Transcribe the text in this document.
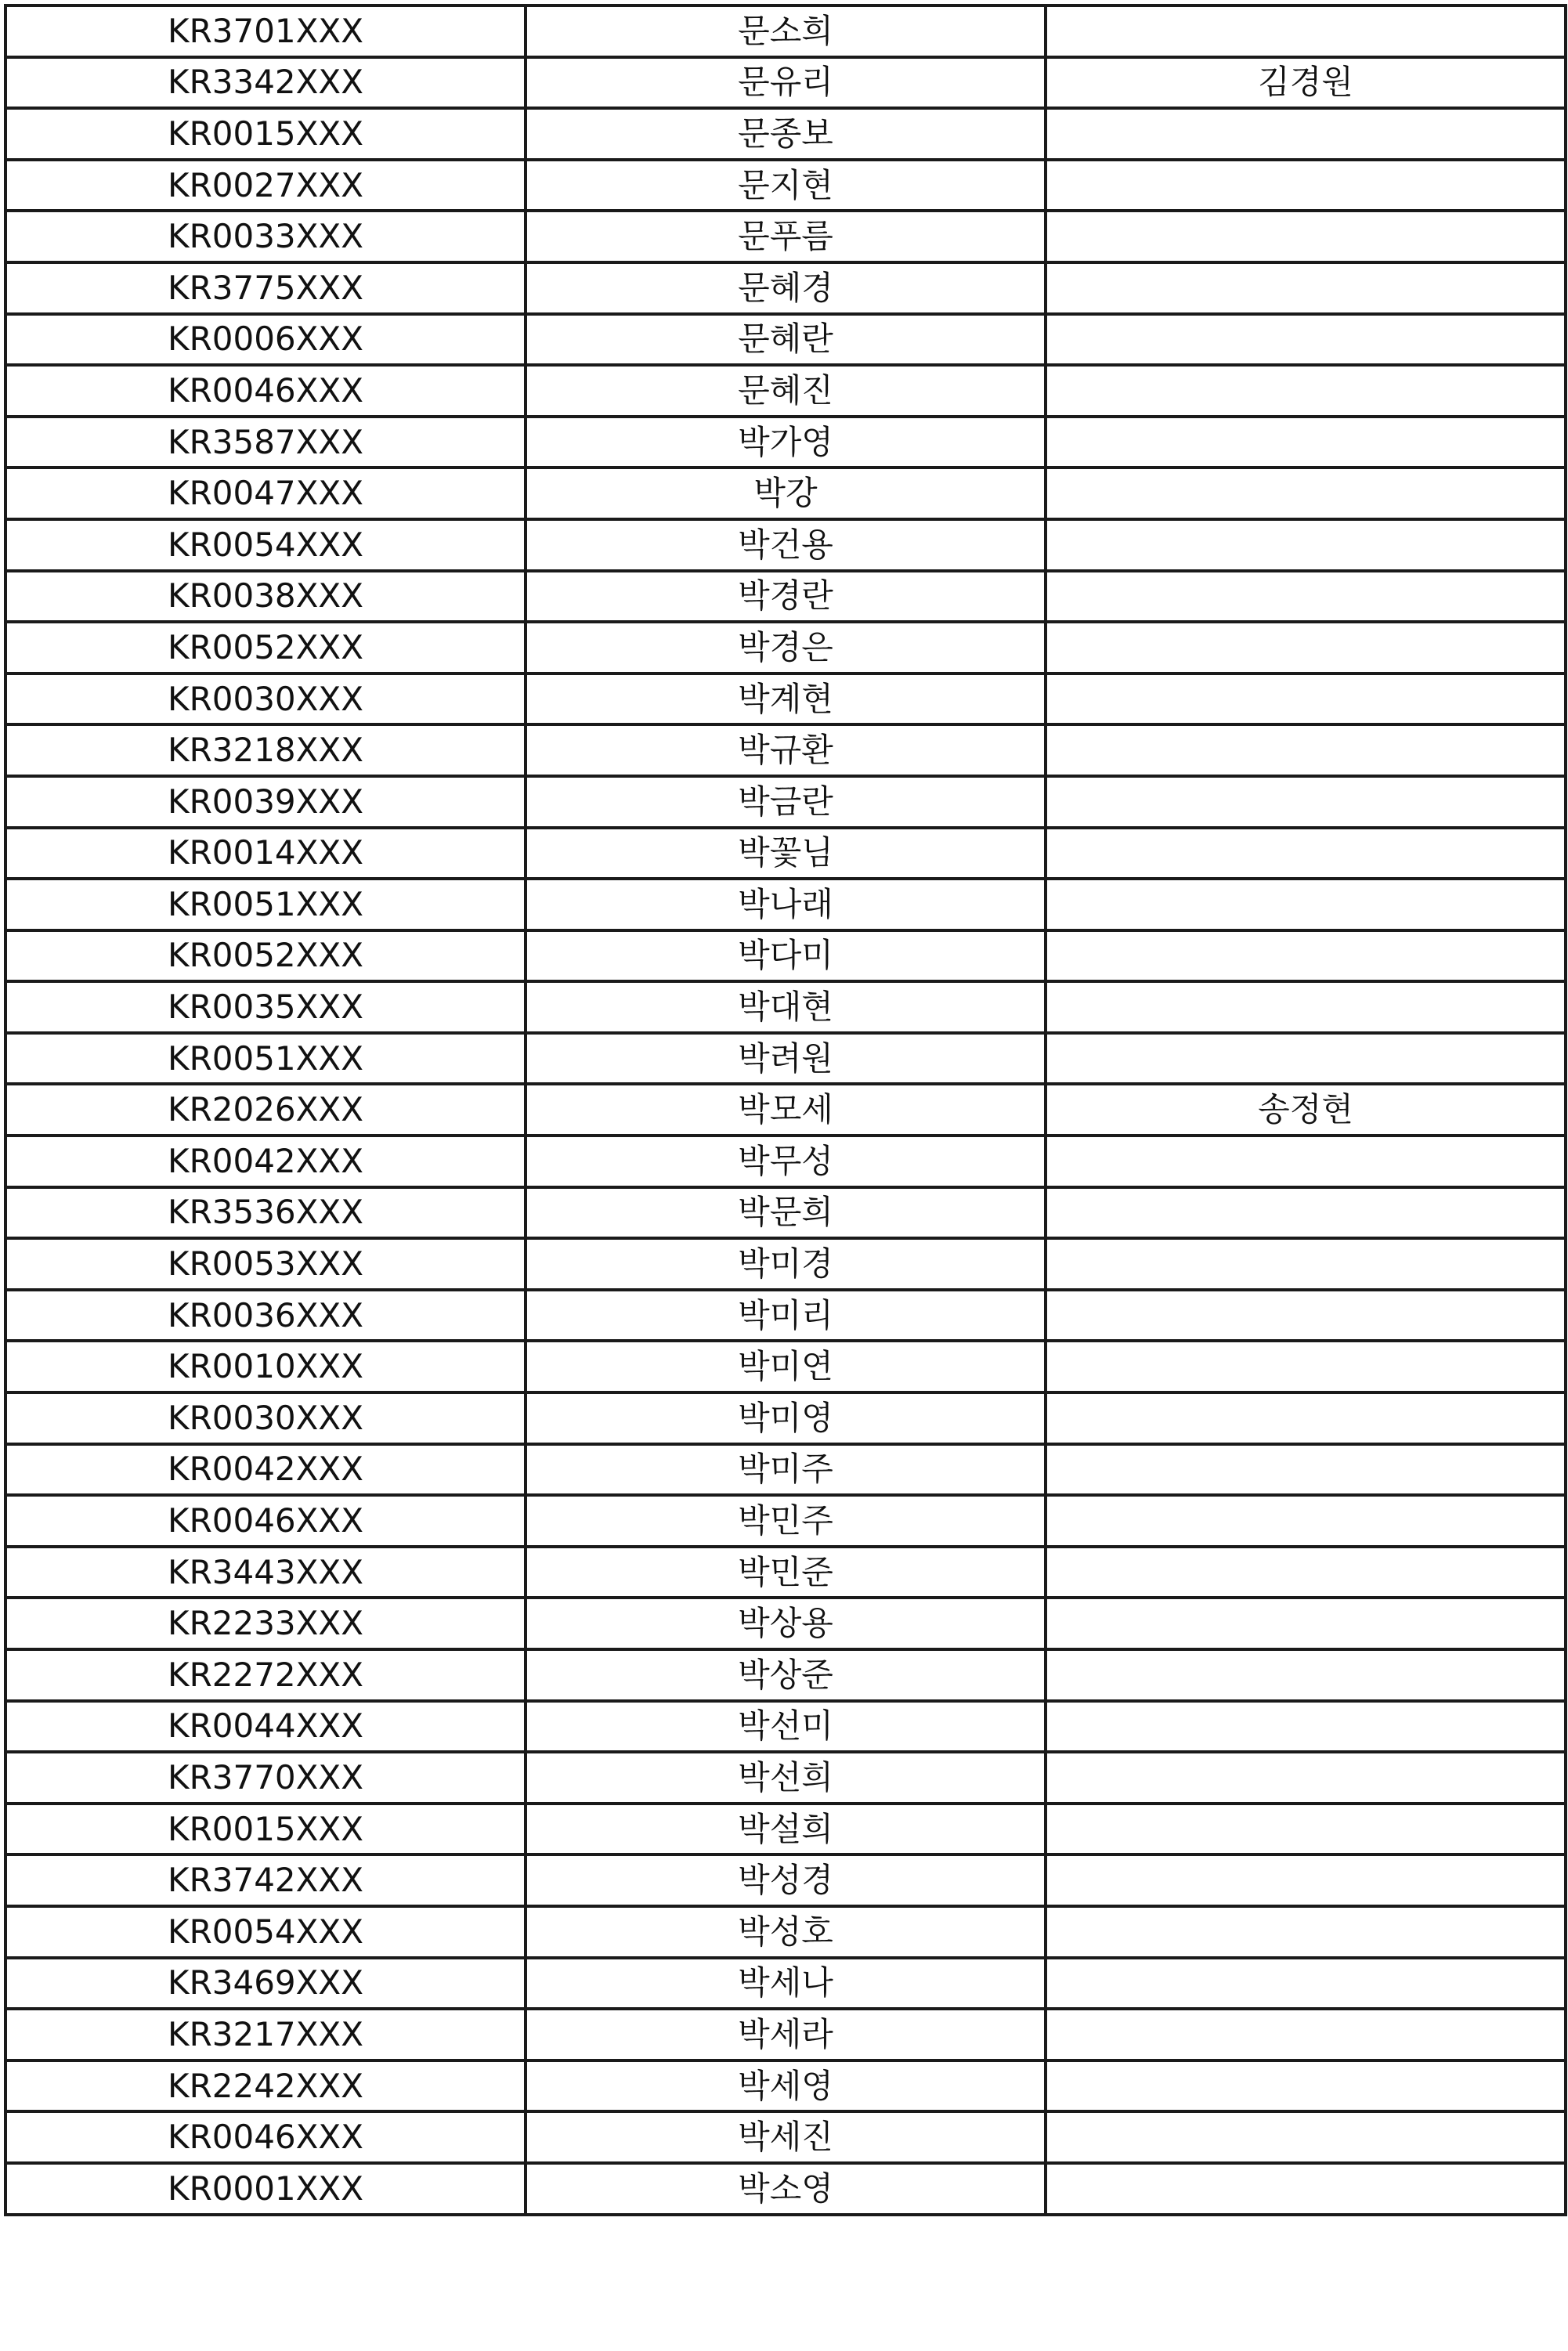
KR3701XXX	문소희	
KR3342XXX	문유리	김경원
KR0015XXX	문종보	
KR0027XXX	문지현	
KR0033XXX	문푸름	
KR3775XXX	문혜경	
KR0006XXX	문혜란	
KR0046XXX	문혜진	
KR3587XXX	박가영	
KR0047XXX	박강	
KR0054XXX	박건용	
KR0038XXX	박경란	
KR0052XXX	박경은	
KR0030XXX	박계현	
KR3218XXX	박규환	
KR0039XXX	박금란	
KR0014XXX	박꽃님	
KR0051XXX	박나래	
KR0052XXX	박다미	
KR0035XXX	박대현	
KR0051XXX	박려원	
KR2026XXX	박모세	송정현
KR0042XXX	박무성	
KR3536XXX	박문희	
KR0053XXX	박미경	
KR0036XXX	박미리	
KR0010XXX	박미연	
KR0030XXX	박미영	
KR0042XXX	박미주	
KR0046XXX	박민주	
KR3443XXX	박민준	
KR2233XXX	박상용	
KR2272XXX	박상준	
KR0044XXX	박선미	
KR3770XXX	박선희	
KR0015XXX	박설희	
KR3742XXX	박성경	
KR0054XXX	박성호	
KR3469XXX	박세나	
KR3217XXX	박세라	
KR2242XXX	박세영	
KR0046XXX	박세진	
KR0001XXX	박소영	
